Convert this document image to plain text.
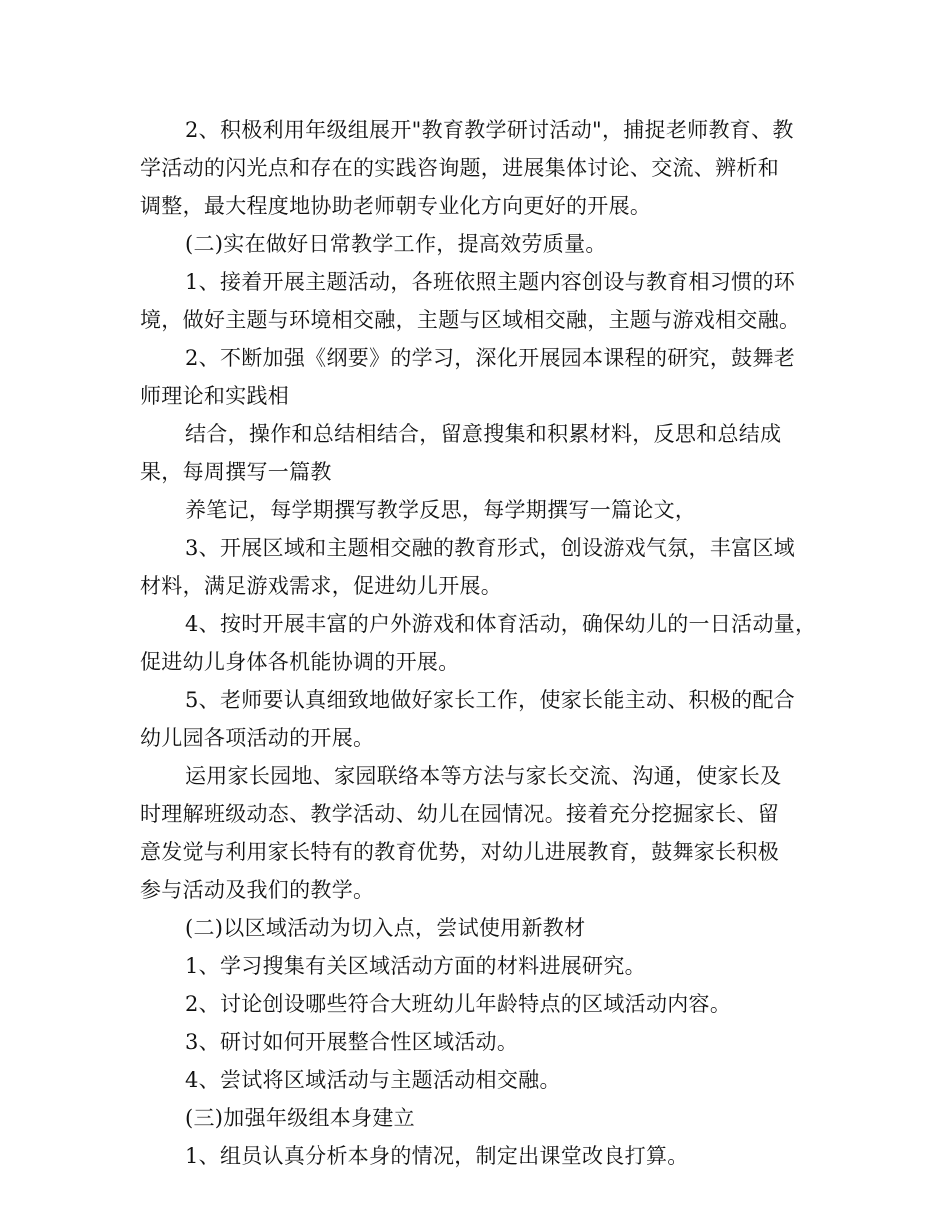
2、积极利用年级组展开"教育教学研讨活动"，捕捉老师教育、教
学活动的闪光点和存在的实践咨询题，进展集体讨论、交流、辨析和
调整，最大程度地协助老师朝专业化方向更好的开展。
(二)实在做好日常教学工作，提高效劳质量。
1、接着开展主题活动，各班依照主题内容创设与教育相习惯的环
境，做好主题与环境相交融，主题与区域相交融，主题与游戏相交融。
2、不断加强《纲要》的学习，深化开展园本课程的研究，鼓舞老
师理论和实践相
结合，操作和总结相结合，留意搜集和积累材料，反思和总结成
果，每周撰写一篇教
养笔记，每学期撰写教学反思，每学期撰写一篇论文，
3、开展区域和主题相交融的教育形式，创设游戏气氛，丰富区域
材料，满足游戏需求，促进幼儿开展。
4、按时开展丰富的户外游戏和体育活动，确保幼儿的一日活动量，
促进幼儿身体各机能协调的开展。
5、老师要认真细致地做好家长工作，使家长能主动、积极的配合
幼儿园各项活动的开展。
运用家长园地、家园联络本等方法与家长交流、沟通，使家长及
时理解班级动态、教学活动、幼儿在园情况。接着充分挖掘家长、留
意发觉与利用家长特有的教育优势，对幼儿进展教育，鼓舞家长积极
参与活动及我们的教学。
(二)以区域活动为切入点，尝试使用新教材
1、学习搜集有关区域活动方面的材料进展研究。
2、讨论创设哪些符合大班幼儿年龄特点的区域活动内容。
3、研讨如何开展整合性区域活动。
4、尝试将区域活动与主题活动相交融。
(三)加强年级组本身建立
1、组员认真分析本身的情况，制定出课堂改良打算。
